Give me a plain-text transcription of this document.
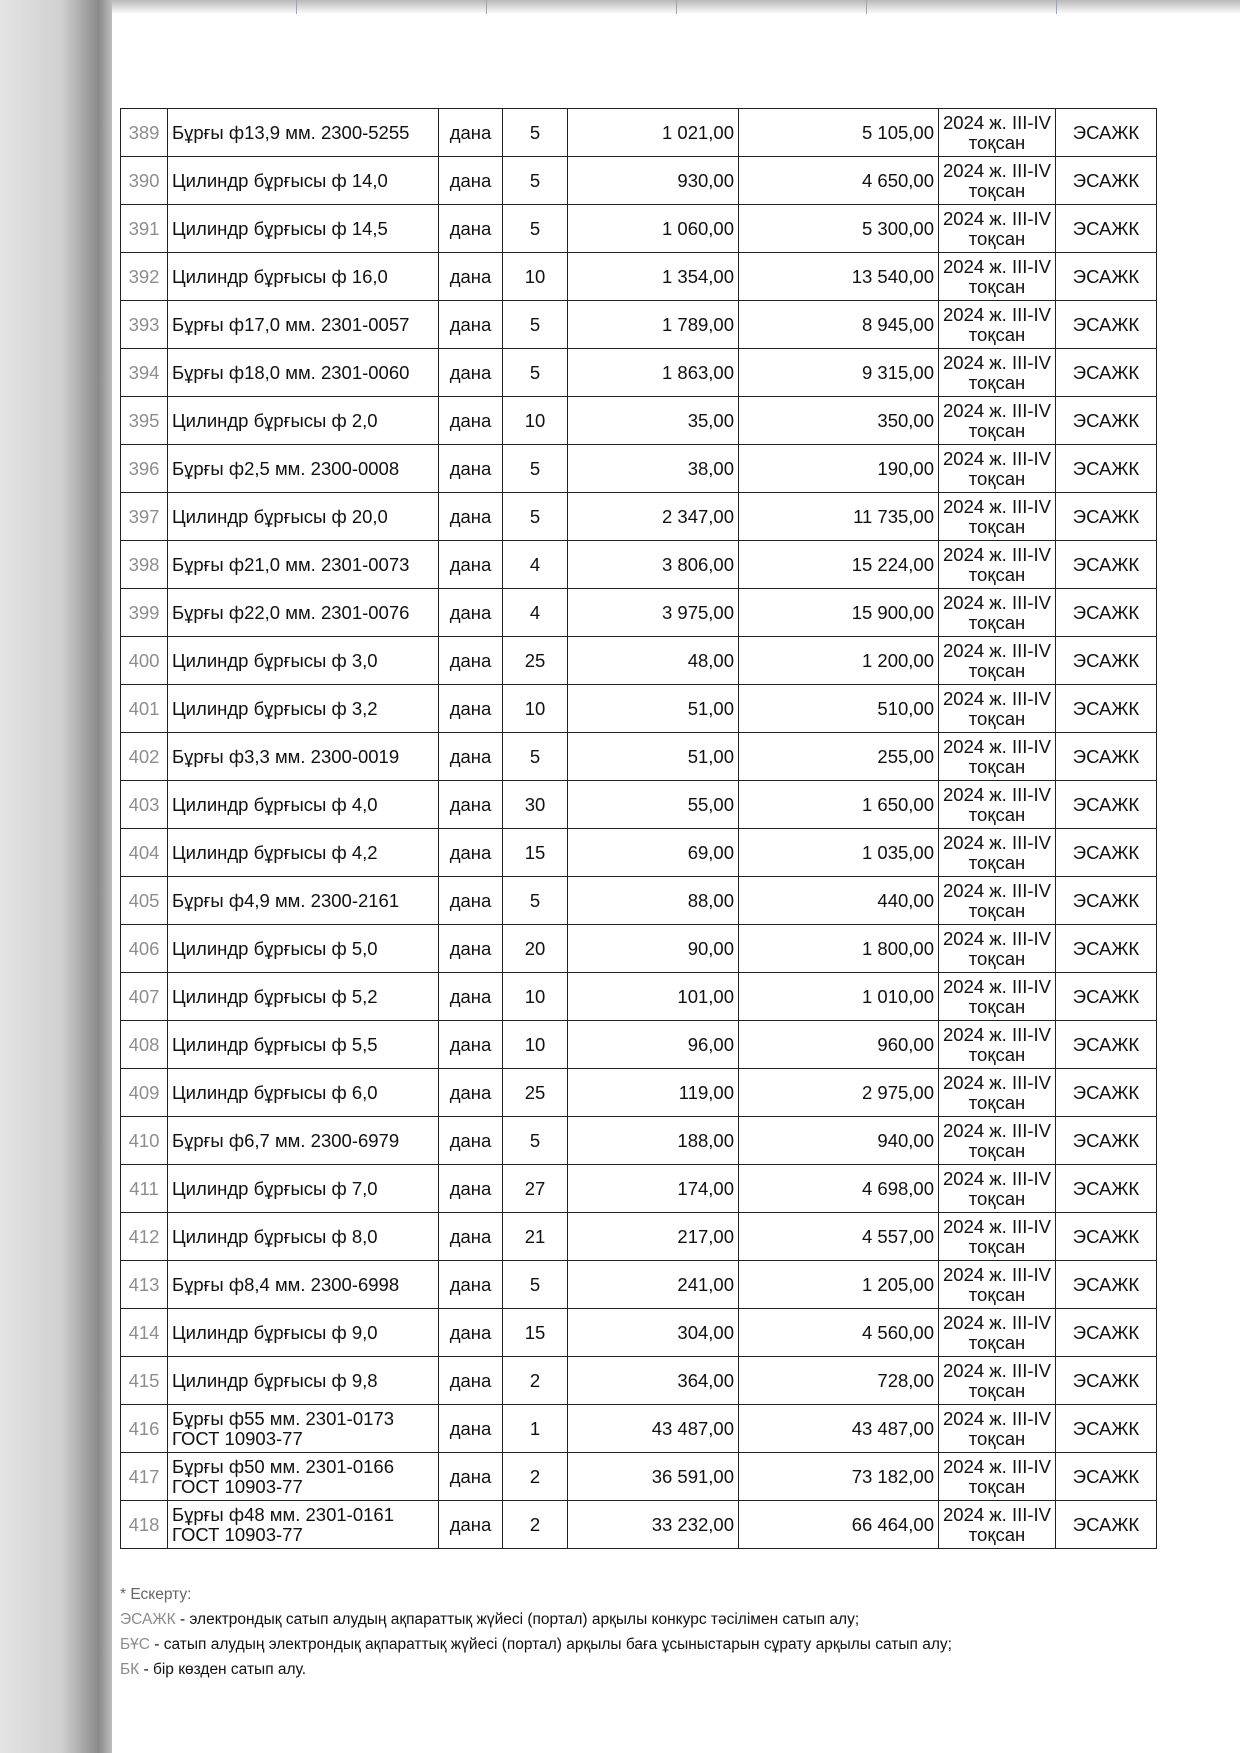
389	Бұрғы ф13,9 мм. 2300-5255	дана	5	1 021,00	5 105,00	2024 ж. III-IV тоқсан	ЭСАЖК
390	Цилиндр бұрғысы ф 14,0	дана	5	930,00	4 650,00	2024 ж. III-IV тоқсан	ЭСАЖК
391	Цилиндр бұрғысы ф 14,5	дана	5	1 060,00	5 300,00	2024 ж. III-IV тоқсан	ЭСАЖК
392	Цилиндр бұрғысы ф 16,0	дана	10	1 354,00	13 540,00	2024 ж. III-IV тоқсан	ЭСАЖК
393	Бұрғы ф17,0 мм. 2301-0057	дана	5	1 789,00	8 945,00	2024 ж. III-IV тоқсан	ЭСАЖК
394	Бұрғы ф18,0 мм. 2301-0060	дана	5	1 863,00	9 315,00	2024 ж. III-IV тоқсан	ЭСАЖК
395	Цилиндр бұрғысы ф 2,0	дана	10	35,00	350,00	2024 ж. III-IV тоқсан	ЭСАЖК
396	Бұрғы ф2,5 мм. 2300-0008	дана	5	38,00	190,00	2024 ж. III-IV тоқсан	ЭСАЖК
397	Цилиндр бұрғысы ф 20,0	дана	5	2 347,00	11 735,00	2024 ж. III-IV тоқсан	ЭСАЖК
398	Бұрғы ф21,0 мм. 2301-0073	дана	4	3 806,00	15 224,00	2024 ж. III-IV тоқсан	ЭСАЖК
399	Бұрғы ф22,0 мм. 2301-0076	дана	4	3 975,00	15 900,00	2024 ж. III-IV тоқсан	ЭСАЖК
400	Цилиндр бұрғысы ф 3,0	дана	25	48,00	1 200,00	2024 ж. III-IV тоқсан	ЭСАЖК
401	Цилиндр бұрғысы ф 3,2	дана	10	51,00	510,00	2024 ж. III-IV тоқсан	ЭСАЖК
402	Бұрғы ф3,3 мм. 2300-0019	дана	5	51,00	255,00	2024 ж. III-IV тоқсан	ЭСАЖК
403	Цилиндр бұрғысы ф 4,0	дана	30	55,00	1 650,00	2024 ж. III-IV тоқсан	ЭСАЖК
404	Цилиндр бұрғысы ф 4,2	дана	15	69,00	1 035,00	2024 ж. III-IV тоқсан	ЭСАЖК
405	Бұрғы ф4,9 мм. 2300-2161	дана	5	88,00	440,00	2024 ж. III-IV тоқсан	ЭСАЖК
406	Цилиндр бұрғысы ф 5,0	дана	20	90,00	1 800,00	2024 ж. III-IV тоқсан	ЭСАЖК
407	Цилиндр бұрғысы ф 5,2	дана	10	101,00	1 010,00	2024 ж. III-IV тоқсан	ЭСАЖК
408	Цилиндр бұрғысы ф 5,5	дана	10	96,00	960,00	2024 ж. III-IV тоқсан	ЭСАЖК
409	Цилиндр бұрғысы ф 6,0	дана	25	119,00	2 975,00	2024 ж. III-IV тоқсан	ЭСАЖК
410	Бұрғы ф6,7 мм. 2300-6979	дана	5	188,00	940,00	2024 ж. III-IV тоқсан	ЭСАЖК
411	Цилиндр бұрғысы ф 7,0	дана	27	174,00	4 698,00	2024 ж. III-IV тоқсан	ЭСАЖК
412	Цилиндр бұрғысы ф 8,0	дана	21	217,00	4 557,00	2024 ж. III-IV тоқсан	ЭСАЖК
413	Бұрғы ф8,4 мм. 2300-6998	дана	5	241,00	1 205,00	2024 ж. III-IV тоқсан	ЭСАЖК
414	Цилиндр бұрғысы ф 9,0	дана	15	304,00	4 560,00	2024 ж. III-IV тоқсан	ЭСАЖК
415	Цилиндр бұрғысы ф 9,8	дана	2	364,00	728,00	2024 ж. III-IV тоқсан	ЭСАЖК
416	Бұрғы ф55 мм. 2301-0173 ГОСТ 10903-77	дана	1	43 487,00	43 487,00	2024 ж. III-IV тоқсан	ЭСАЖК
417	Бұрғы ф50 мм. 2301-0166 ГОСТ 10903-77	дана	2	36 591,00	73 182,00	2024 ж. III-IV тоқсан	ЭСАЖК
418	Бұрғы ф48 мм. 2301-0161 ГОСТ 10903-77	дана	2	33 232,00	66 464,00	2024 ж. III-IV тоқсан	ЭСАЖК
* Ескерту:
ЭСАЖК - электрондық сатып алудың ақпараттық жүйесі (портал) арқылы конкурс тәсілімен сатып алу;
БҰС - сатып алудың электрондық ақпараттық жүйесі (портал) арқылы баға ұсыныстарын сұрату арқылы сатып алу;
БК - бір көзден сатып алу.
